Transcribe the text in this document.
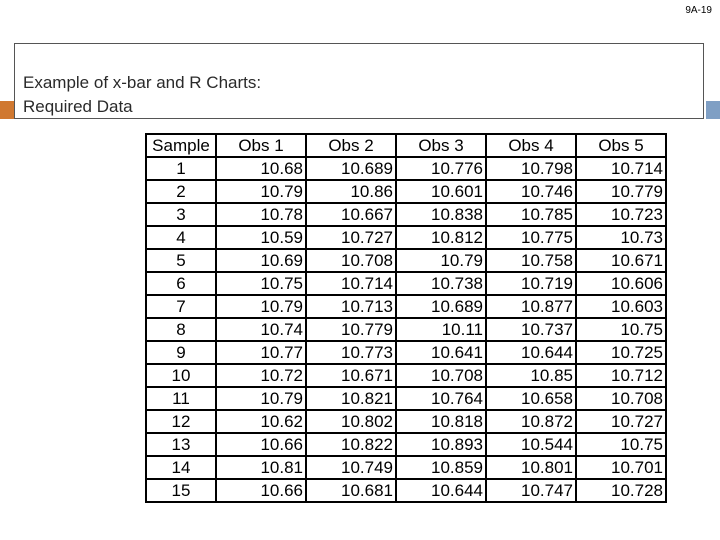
9A-19
Example of x-bar and R Charts:
Required Data
Sample	Obs 1	Obs 2	Obs 3	Obs 4	Obs 5
1	10.68	10.689	10.776	10.798	10.714
2	10.79	10.86	10.601	10.746	10.779
3	10.78	10.667	10.838	10.785	10.723
4	10.59	10.727	10.812	10.775	10.73
5	10.69	10.708	10.79	10.758	10.671
6	10.75	10.714	10.738	10.719	10.606
7	10.79	10.713	10.689	10.877	10.603
8	10.74	10.779	10.11	10.737	10.75
9	10.77	10.773	10.641	10.644	10.725
10	10.72	10.671	10.708	10.85	10.712
11	10.79	10.821	10.764	10.658	10.708
12	10.62	10.802	10.818	10.872	10.727
13	10.66	10.822	10.893	10.544	10.75
14	10.81	10.749	10.859	10.801	10.701
15	10.66	10.681	10.644	10.747	10.728
